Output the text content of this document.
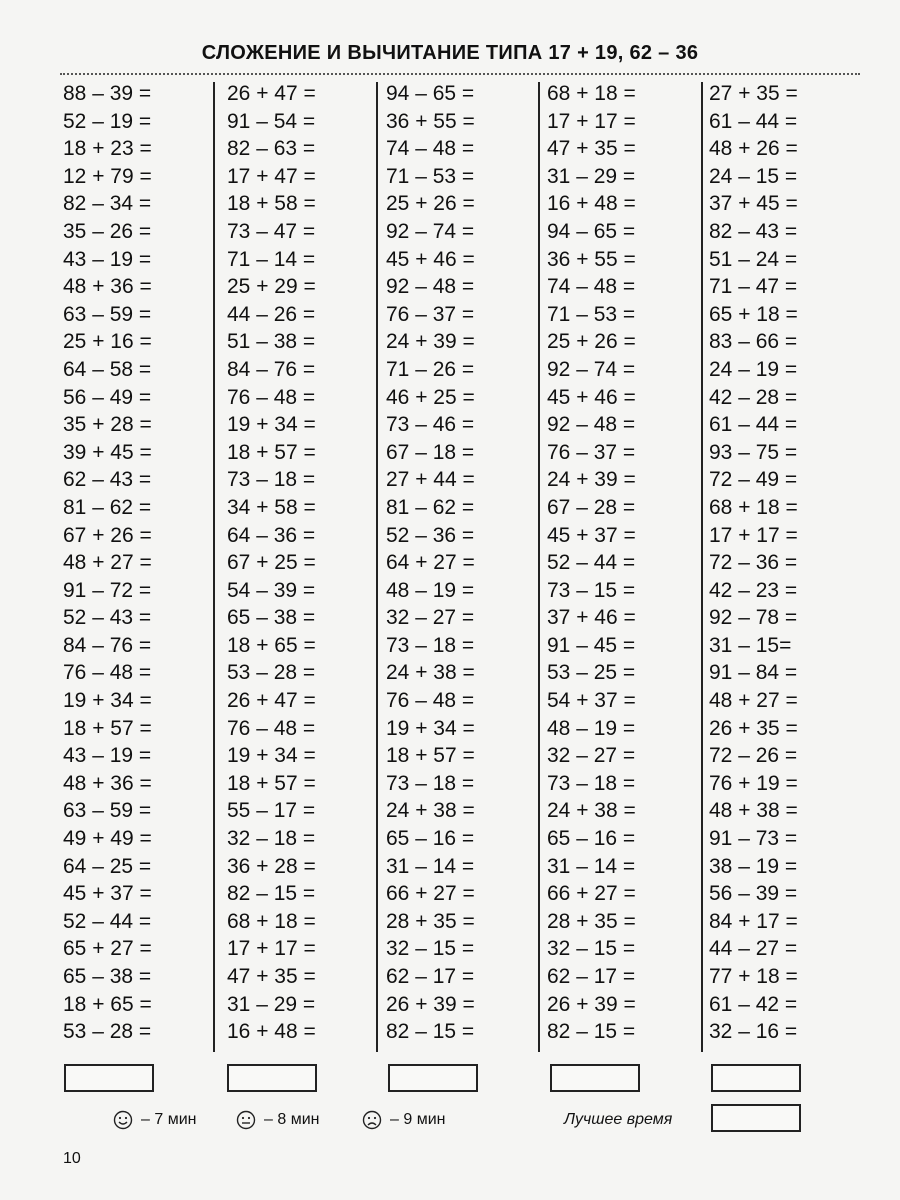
СЛОЖЕНИЕ И ВЫЧИТАНИЕ ТИПА 17 + 19, 62 – 36
88 – 39 =
52 – 19 =
18 + 23 =
12 + 79 =
82 – 34 =
35 – 26 =
43 – 19 =
48 + 36 =
63 – 59 =
25 + 16 =
64 – 58 =
56 – 49 =
35 + 28 =
39 + 45 =
62 – 43 =
81 – 62 =
67 + 26 =
48 + 27 =
91 – 72 =
52 – 43 =
84 – 76 =
76 – 48 =
19 + 34 =
18 + 57 =
43 – 19 =
48 + 36 =
63 – 59 =
49 + 49 =
64 – 25 =
45 + 37 =
52 – 44 =
65 + 27 =
65 – 38 =
18 + 65 =
53 – 28 =
26 + 47 =
91 – 54 =
82 – 63 =
17 + 47 =
18 + 58 =
73 – 47 =
71 – 14 =
25 + 29 =
44 – 26 =
51 – 38 =
84 – 76 =
76 – 48 =
19 + 34 =
18 + 57 =
73 – 18 =
34 + 58 =
64 – 36 =
67 + 25 =
54 – 39 =
65 – 38 =
18 + 65 =
53 – 28 =
26 + 47 =
76 – 48 =
19 + 34 =
18 + 57 =
55 – 17 =
32 – 18 =
36 + 28 =
82 – 15 =
68 + 18 =
17 + 17 =
47 + 35 =
31 – 29 =
16 + 48 =
94 – 65 =
36 + 55 =
74 – 48 =
71 – 53 =
25 + 26 =
92 – 74 =
45 + 46 =
92 – 48 =
76 – 37 =
24 + 39 =
71 – 26 =
46 + 25 =
73 – 46 =
67 – 18 =
27 + 44 =
81 – 62 =
52 – 36 =
64 + 27 =
48 – 19 =
32 – 27 =
73 – 18 =
24 + 38 =
76 – 48 =
19 + 34 =
18 + 57 =
73 – 18 =
24 + 38 =
65 – 16 =
31 – 14 =
66 + 27 =
28 + 35 =
32 – 15 =
62 – 17 =
26 + 39 =
82 – 15 =
68 + 18 =
17 + 17 =
47 + 35 =
31 – 29 =
16 + 48 =
94 – 65 =
36 + 55 =
74 – 48 =
71 – 53 =
25 + 26 =
92 – 74 =
45 + 46 =
92 – 48 =
76 – 37 =
24 + 39 =
67 – 28 =
45 + 37 =
52 – 44 =
73 – 15 =
37 + 46 =
91 – 45 =
53 – 25 =
54 + 37 =
48 – 19 =
32 – 27 =
73 – 18 =
24 + 38 =
65 – 16 =
31 – 14 =
66 + 27 =
28 + 35 =
32 – 15 =
62 – 17 =
26 + 39 =
82 – 15 =
27 + 35 =
61 – 44 =
48 + 26 =
24 – 15 =
37 + 45 =
82 – 43 =
51 – 24 =
71 – 47 =
65 + 18 =
83 – 66 =
24 – 19 =
42 – 28 =
61 – 44 =
93 – 75 =
72 – 49 =
68 + 18 =
17 + 17 =
72 – 36 =
42 – 23 =
92 – 78 =
31 – 15=
91 – 84 =
48 + 27 =
26 + 35 =
72 – 26 =
76 + 19 =
48 + 38 =
91 – 73 =
38 – 19 =
56 – 39 =
84 + 17 =
44 – 27 =
77 + 18 =
61 – 42 =
32 – 16 =
– 7 мин	– 8 мин	– 9 мин	Лучшее время
10
